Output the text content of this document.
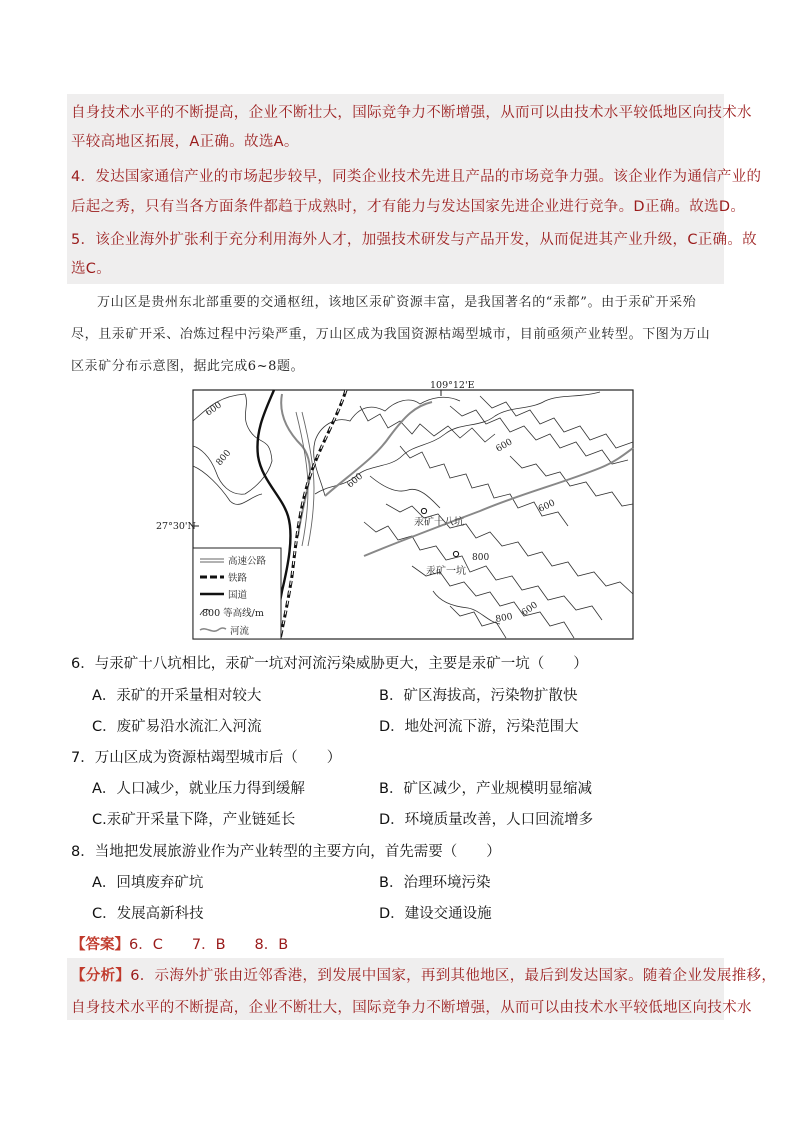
自身技术水平的不断提高，企业不断壮大，国际竞争力不断增强，从而可以由技术水平较低地区向技术水
平较高地区拓展，A正确。故选A。
4．发达国家通信产业的市场起步较早，同类企业技术先进且产品的市场竞争力强。该企业作为通信产业的
后起之秀，只有当各方面条件都趋于成熟时，才有能力与发达国家先进企业进行竞争。D正确。故选D。
5．该企业海外扩张利于充分利用海外人才，加强技术研发与产品开发，从而促进其产业升级，C正确。故
选C。
万山区是贵州东北部重要的交通枢纽，该地区汞矿资源丰富，是我国著名的“汞都”。由于汞矿开采殆尽，且汞矿开采、冶炼过程中污染严重，万山区成为我国资源枯竭型城市，目前亟须产业转型。下图为万山区汞矿分布示意图，据此完成6~8题。
109°12'E
27°30'N
600
800
600
600
600
800
800
600
汞矿十八坑
汞矿一坑
高速公路
铁路
国道
800 等高线/m
河流
6．与汞矿十八坑相比，汞矿一坑对河流污染威胁更大，主要是汞矿一坑（　　）
A．汞矿的开采量相对较大	B．矿区海拔高，污染物扩散快
C．废矿易沿水流汇入河流	D．地处河流下游，污染范围大
7．万山区成为资源枯竭型城市后（　　）
A．人口减少，就业压力得到缓解	B．矿区减少，产业规模明显缩减
C.汞矿开采量下降，产业链延长	D．环境质量改善，人口回流增多
8．当地把发展旅游业作为产业转型的主要方向，首先需要（　　）
A．回填废弃矿坑	B．治理环境污染
C．发展高新科技	D．建设交通设施
【答案】6．C　　7．B　　8．B
【分析】6．示海外扩张由近邻香港，到发展中国家，再到其他地区，最后到发达国家。随着企业发展推移，
自身技术水平的不断提高，企业不断壮大，国际竞争力不断增强，从而可以由技术水平较低地区向技术水
